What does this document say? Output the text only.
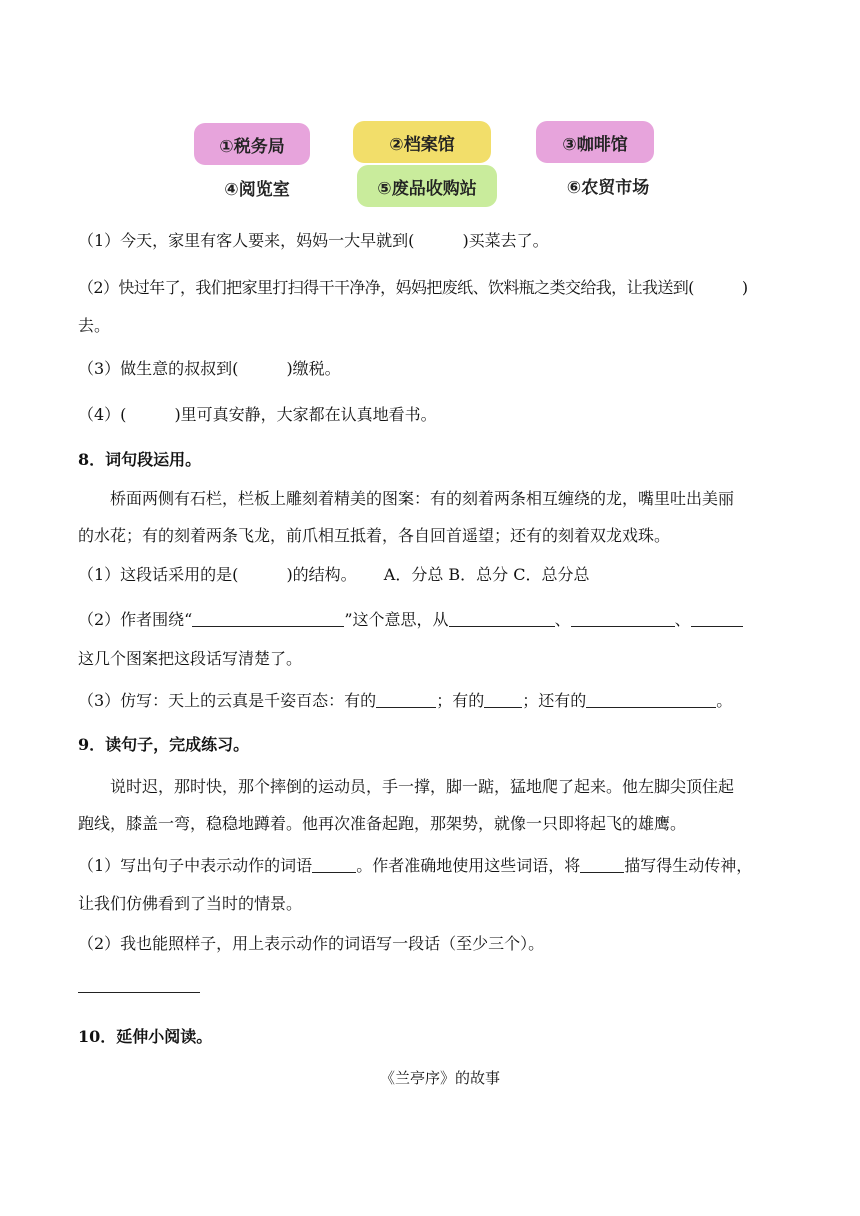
①税务局	②档案馆	③咖啡馆
④阅览室	⑤废品收购站	⑥农贸市场
（1）今天，家里有客人要来，妈妈一大早就到(	)买菜去了。
（2）快过年了，我们把家里打扫得干干净净，妈妈把废纸、饮料瓶之类交给我，让我送到(	)
去。
（3）做生意的叔叔到(	)缴税。
（4）(	)里可真安静，大家都在认真地看书。
8．词句段运用。
桥面两侧有石栏，栏板上雕刻着精美的图案：有的刻着两条相互缠绕的龙，嘴里吐出美丽
的水花；有的刻着两条飞龙，前爪相互抵着，各自回首遥望；还有的刻着双龙戏珠。
（1）这段话采用的是(	)的结构。 A．分总 B．总分 C．总分总
（2）作者围绕“	”这个意思，从	、	、
这几个图案把这段话写清楚了。
（3）仿写：天上的云真是千姿百态：有的	；有的 ；还有的	。
9．读句子，完成练习。
说时迟，那时快，那个摔倒的运动员，手一撑，脚一踮，猛地爬了起来。他左脚尖顶住起
跑线，膝盖一弯，稳稳地蹲着。他再次准备起跑，那架势，就像一只即将起飞的雄鹰。
（1）写出句子中表示动作的词语	。作者准确地使用这些词语，将	描写得生动传神，
让我们仿佛看到了当时的情景。
（2）我也能照样子，用上表示动作的词语写一段话（至少三个）。
10．延伸小阅读。
《兰亭序》的故事
